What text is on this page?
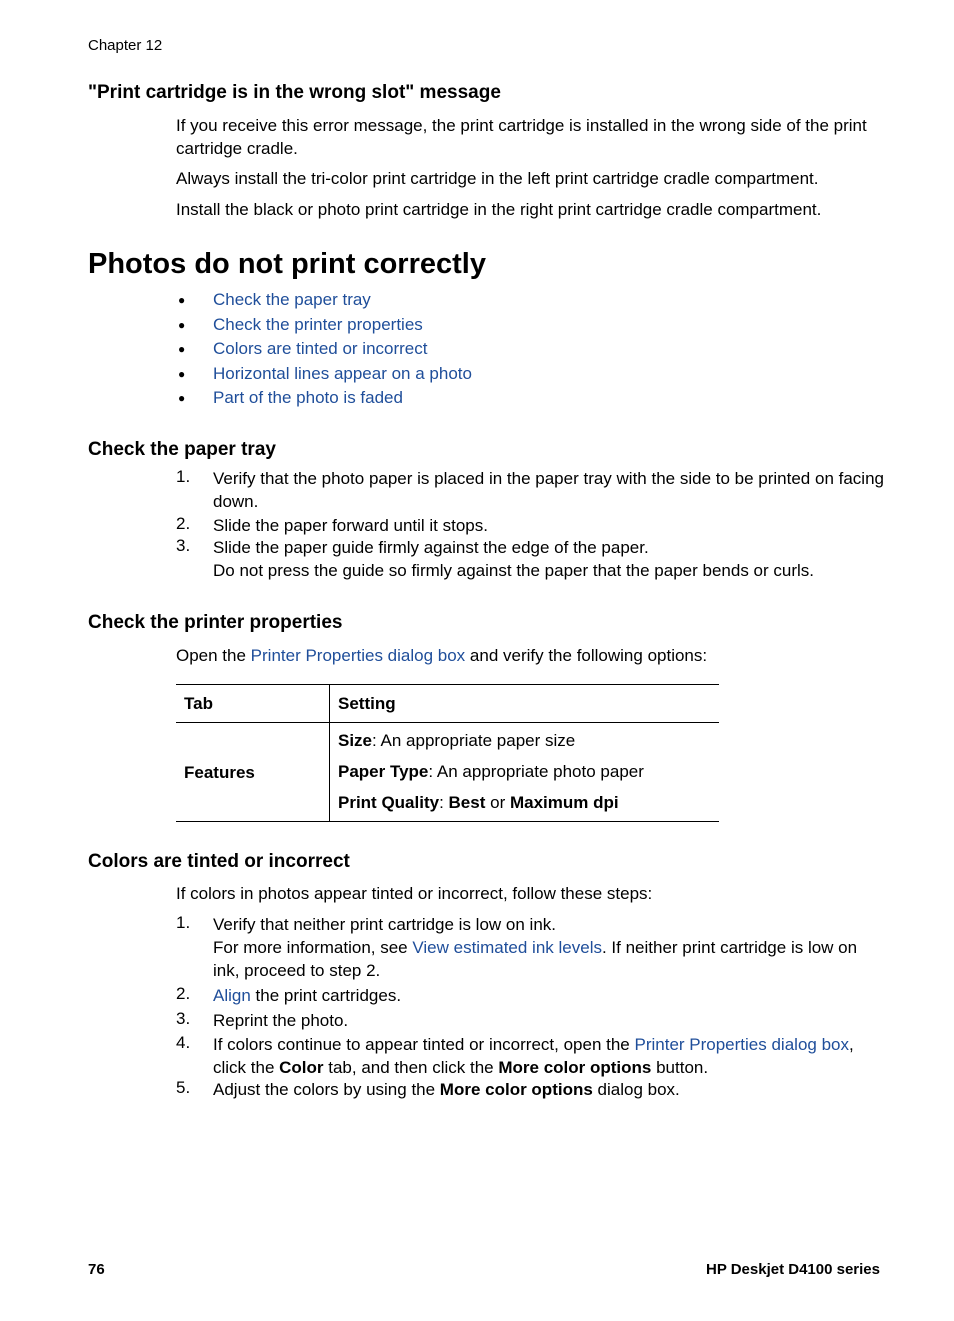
Chapter 12
"Print cartridge is in the wrong slot" message
If you receive this error message, the print cartridge is installed in the wrong side of the print cartridge cradle.
Always install the tri-color print cartridge in the left print cartridge cradle compartment.
Install the black or photo print cartridge in the right print cartridge cradle compartment.
Photos do not print correctly
● Check the paper tray
● Check the printer properties
● Colors are tinted or incorrect
● Horizontal lines appear on a photo
● Part of the photo is faded
Check the paper tray
1. Verify that the photo paper is placed in the paper tray with the side to be printed on facing down.
2. Slide the paper forward until it stops.
3. Slide the paper guide firmly against the edge of the paper.
Do not press the guide so firmly against the paper that the paper bends or curls.
Check the printer properties
Open the Printer Properties dialog box and verify the following options:
Tab	Setting
Features
Size: An appropriate paper size
Paper Type: An appropriate photo paper
Print Quality: Best or Maximum dpi
Colors are tinted or incorrect
If colors in photos appear tinted or incorrect, follow these steps:
1. Verify that neither print cartridge is low on ink.
For more information, see View estimated ink levels. If neither print cartridge is low on ink, proceed to step 2.
2. Align the print cartridges.
3. Reprint the photo.
4. If colors continue to appear tinted or incorrect, open the Printer Properties dialog box, click the Color tab, and then click the More color options button.
5. Adjust the colors by using the More color options dialog box.
76	HP Deskjet D4100 series
